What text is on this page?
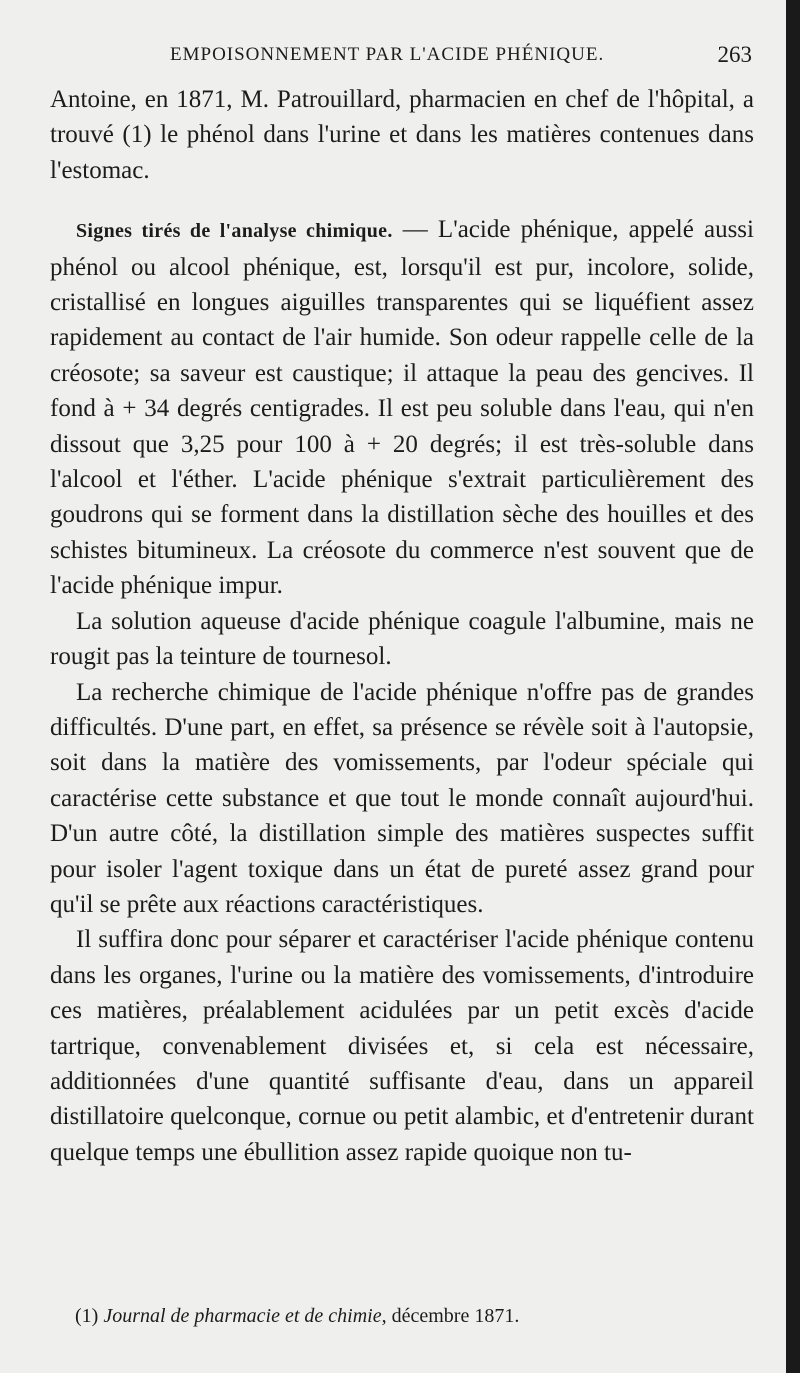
EMPOISONNEMENT PAR L'ACIDE PHÉNIQUE.	263

Antoine, en 1871, M. Patrouillard, pharmacien en chef de l'hôpital, a trouvé (1) le phénol dans l'urine et dans les matières contenues dans l'estomac.

Signes tirés de l'analyse chimique. — L'acide phénique, appelé aussi phénol ou alcool phénique, est, lorsqu'il est pur, incolore, solide, cristallisé en longues aiguilles transparentes qui se liquéfient assez rapidement au contact de l'air humide. Son odeur rappelle celle de la créosote; sa saveur est caustique; il attaque la peau des gencives. Il fond à + 34 degrés centigrades. Il est peu soluble dans l'eau, qui n'en dissout que 3,25 pour 100 à + 20 degrés; il est très-soluble dans l'alcool et l'éther. L'acide phénique s'extrait particulièrement des goudrons qui se forment dans la distillation sèche des houilles et des schistes bitumineux. La créosote du commerce n'est souvent que de l'acide phénique impur.

La solution aqueuse d'acide phénique coagule l'albumine, mais ne rougit pas la teinture de tournesol.

La recherche chimique de l'acide phénique n'offre pas de grandes difficultés. D'une part, en effet, sa présence se révèle soit à l'autopsie, soit dans la matière des vomissements, par l'odeur spéciale qui caractérise cette substance et que tout le monde connaît aujourd'hui. D'un autre côté, la distillation simple des matières suspectes suffit pour isoler l'agent toxique dans un état de pureté assez grand pour qu'il se prête aux réactions caractéristiques.

Il suffira donc pour séparer et caractériser l'acide phénique contenu dans les organes, l'urine ou la matière des vomissements, d'introduire ces matières, préalablement acidulées par un petit excès d'acide tartrique, convenablement divisées et, si cela est nécessaire, additionnées d'une quantité suffisante d'eau, dans un appareil distillatoire quelconque, cornue ou petit alambic, et d'entretenir durant quelque temps une ébullition assez rapide quoique non tu-

(1) Journal de pharmacie et de chimie, décembre 1871.
